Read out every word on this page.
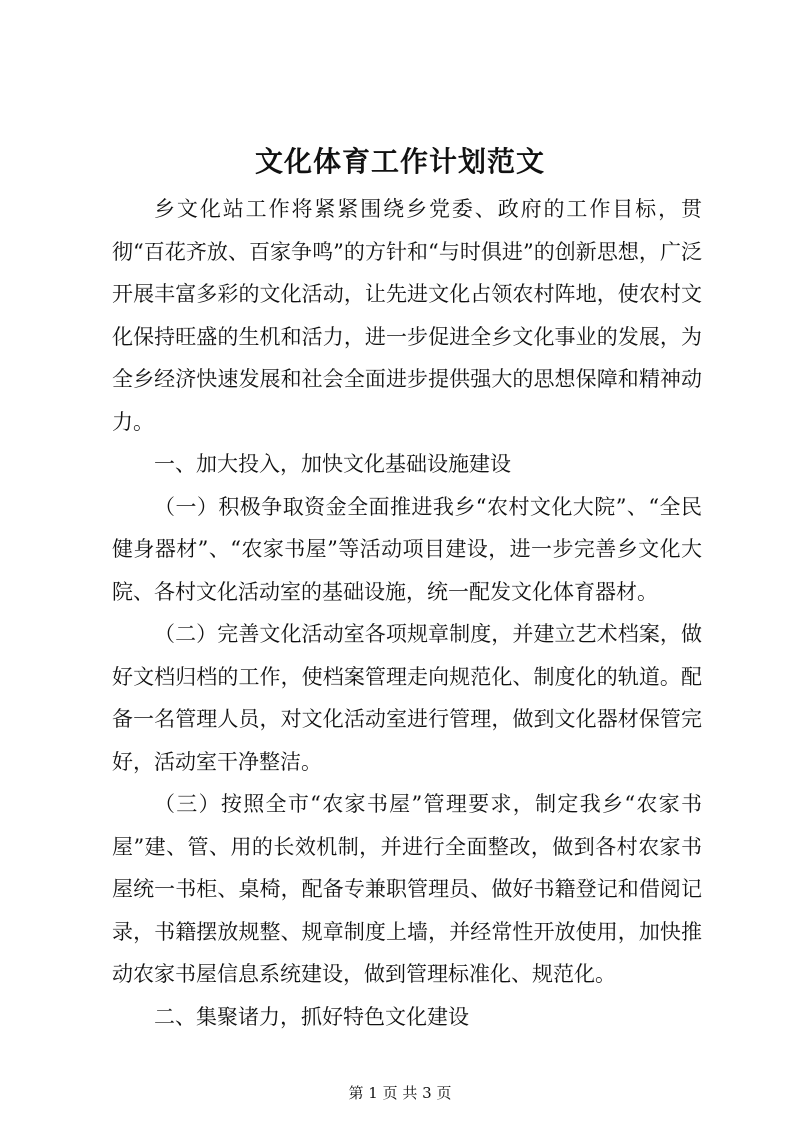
文化体育工作计划范文

乡文化站工作将紧紧围绕乡党委、政府的工作目标，贯彻“百花齐放、百家争鸣”的方针和“与时俱进”的创新思想，广泛开展丰富多彩的文化活动，让先进文化占领农村阵地，使农村文化保持旺盛的生机和活力，进一步促进全乡文化事业的发展，为全乡经济快速发展和社会全面进步提供强大的思想保障和精神动力。

一、加大投入，加快文化基础设施建设

（一）积极争取资金全面推进我乡“农村文化大院”、“全民健身器材”、“农家书屋”等活动项目建设，进一步完善乡文化大院、各村文化活动室的基础设施，统一配发文化体育器材。

（二）完善文化活动室各项规章制度，并建立艺术档案，做好文档归档的工作，使档案管理走向规范化、制度化的轨道。配备一名管理人员，对文化活动室进行管理，做到文化器材保管完好，活动室干净整洁。

（三）按照全市“农家书屋”管理要求，制定我乡“农家书屋”建、管、用的长效机制，并进行全面整改，做到各村农家书屋统一书柜、桌椅，配备专兼职管理员、做好书籍登记和借阅记录，书籍摆放规整、规章制度上墙，并经常性开放使用，加快推动农家书屋信息系统建设，做到管理标准化、规范化。

二、集聚诸力，抓好特色文化建设

第 1 页 共 3 页
